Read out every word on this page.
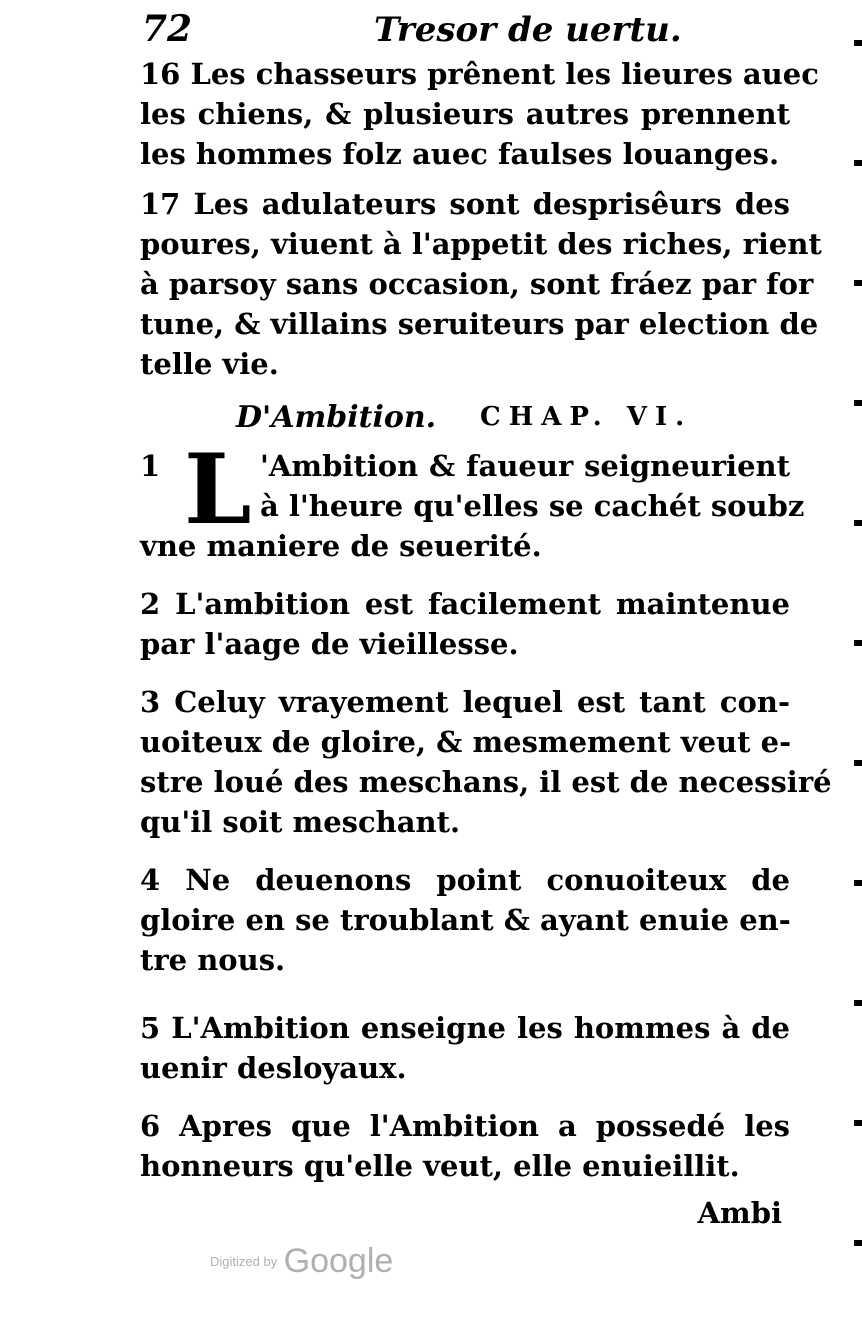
72	Tresor de uertu.

16 Les chasseurs prênent les lieures auec
les chiens, & plusieurs autres prennent
les hommes folz auec faulses louanges.

17 Les adulateurs sont desprisêurs des
poures, viuent à l'appetit des riches, rient
à parsoy sans occasion, sont fráez par for
tune, & villains seruiteurs par election de
telle vie.

D'Ambition. CHAP. VI.
1 L 'Ambition & faueur seigneurient
à l'heure qu'elles se cachét soubz
vne maniere de seuerité.

2 L'ambition est facilement maintenue
par l'aage de vieillesse.

3 Celuy vrayement lequel est tant con-
uoiteux de gloire, & mesmement veut e-
stre loué des meschans, il est de necessiré
qu'il soit meschant.

4 Ne deuenons point conuoiteux de
gloire en se troublant & ayant enuie en-
tre nous.

5 L'Ambition enseigne les hommes à de
uenir desloyaux.

6 Apres que l'Ambition a possedé les
honneurs qu'elle veut, elle enuieillit.

Ambi
Digitized by Google
